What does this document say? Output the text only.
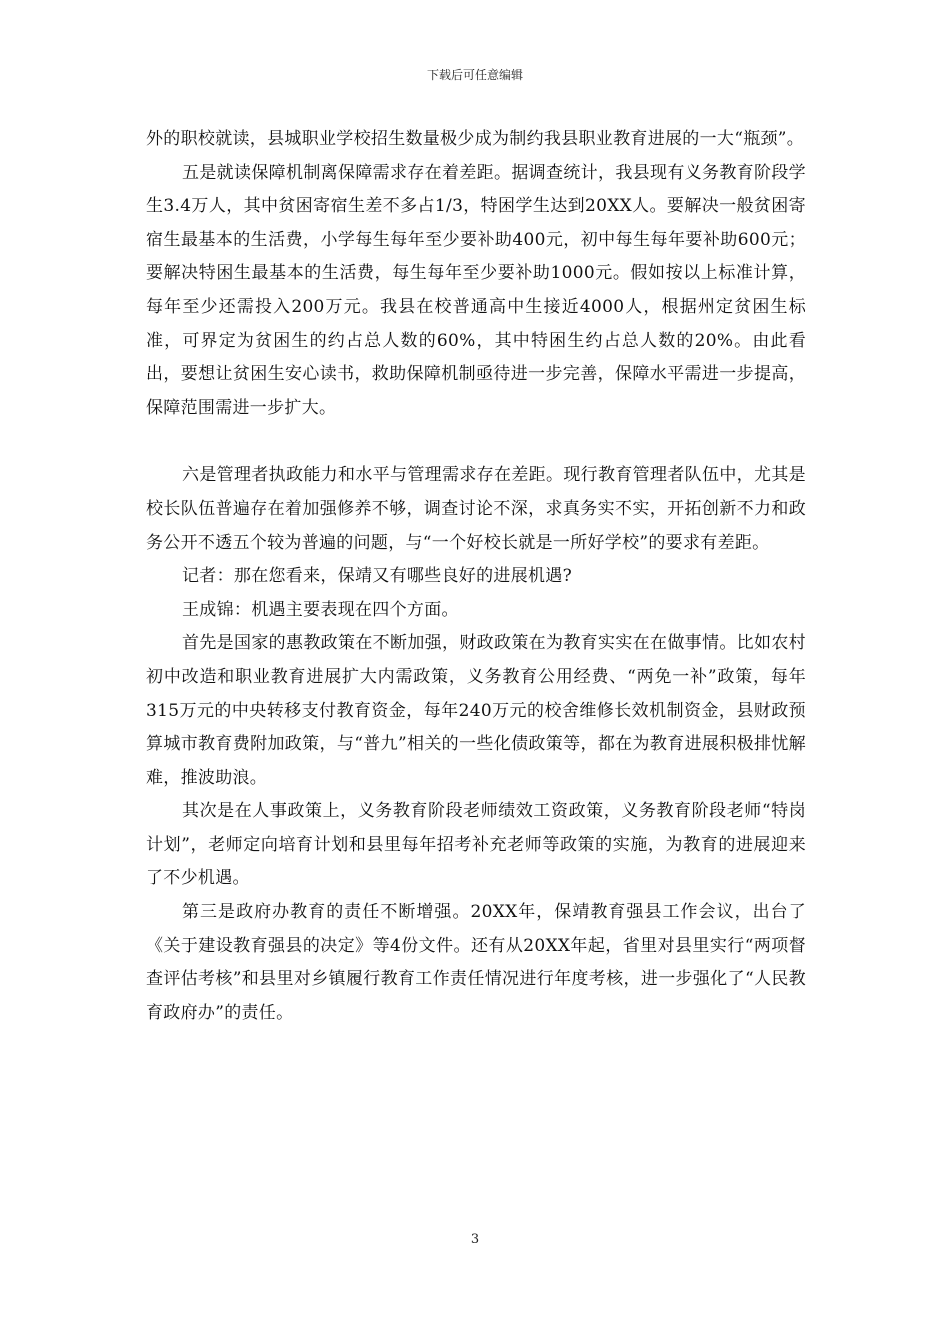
下载后可任意编辑

外的职校就读，县城职业学校招生数量极少成为制约我县职业教育进展的一大“瓶颈”。

五是就读保障机制离保障需求存在着差距。据调查统计，我县现有义务教育阶段学生3.4万人，其中贫困寄宿生差不多占1/3，特困学生达到20XX人。要解决一般贫困寄宿生最基本的生活费，小学每生每年至少要补助400元，初中每生每年要补助600元；要解决特困生最基本的生活费，每生每年至少要补助1000元。假如按以上标准计算，每年至少还需投入200万元。我县在校普通高中生接近4000人，根据州定贫困生标准，可界定为贫困生的约占总人数的60%，其中特困生约占总人数的20%。由此看出，要想让贫困生安心读书，救助保障机制亟待进一步完善，保障水平需进一步提高，保障范围需进一步扩大。

六是管理者执政能力和水平与管理需求存在差距。现行教育管理者队伍中，尤其是校长队伍普遍存在着加强修养不够，调查讨论不深，求真务实不实，开拓创新不力和政务公开不透五个较为普遍的问题，与“一个好校长就是一所好学校”的要求有差距。

记者：那在您看来，保靖又有哪些良好的进展机遇?

王成锦：机遇主要表现在四个方面。

首先是国家的惠教政策在不断加强，财政政策在为教育实实在在做事情。比如农村初中改造和职业教育进展扩大内需政策，义务教育公用经费、“两免一补”政策，每年315万元的中央转移支付教育资金，每年240万元的校舍维修长效机制资金，县财政预算城市教育费附加政策，与“普九”相关的一些化债政策等，都在为教育进展积极排忧解难，推波助浪。

其次是在人事政策上，义务教育阶段老师绩效工资政策，义务教育阶段老师“特岗计划”，老师定向培育计划和县里每年招考补充老师等政策的实施，为教育的进展迎来了不少机遇。

第三是政府办教育的责任不断增强。20XX年，保靖教育强县工作会议，出台了《关于建设教育强县的决定》等4份文件。还有从20XX年起，省里对县里实行“两项督查评估考核”和县里对乡镇履行教育工作责任情况进行年度考核，进一步强化了“人民教育政府办”的责任。

3
